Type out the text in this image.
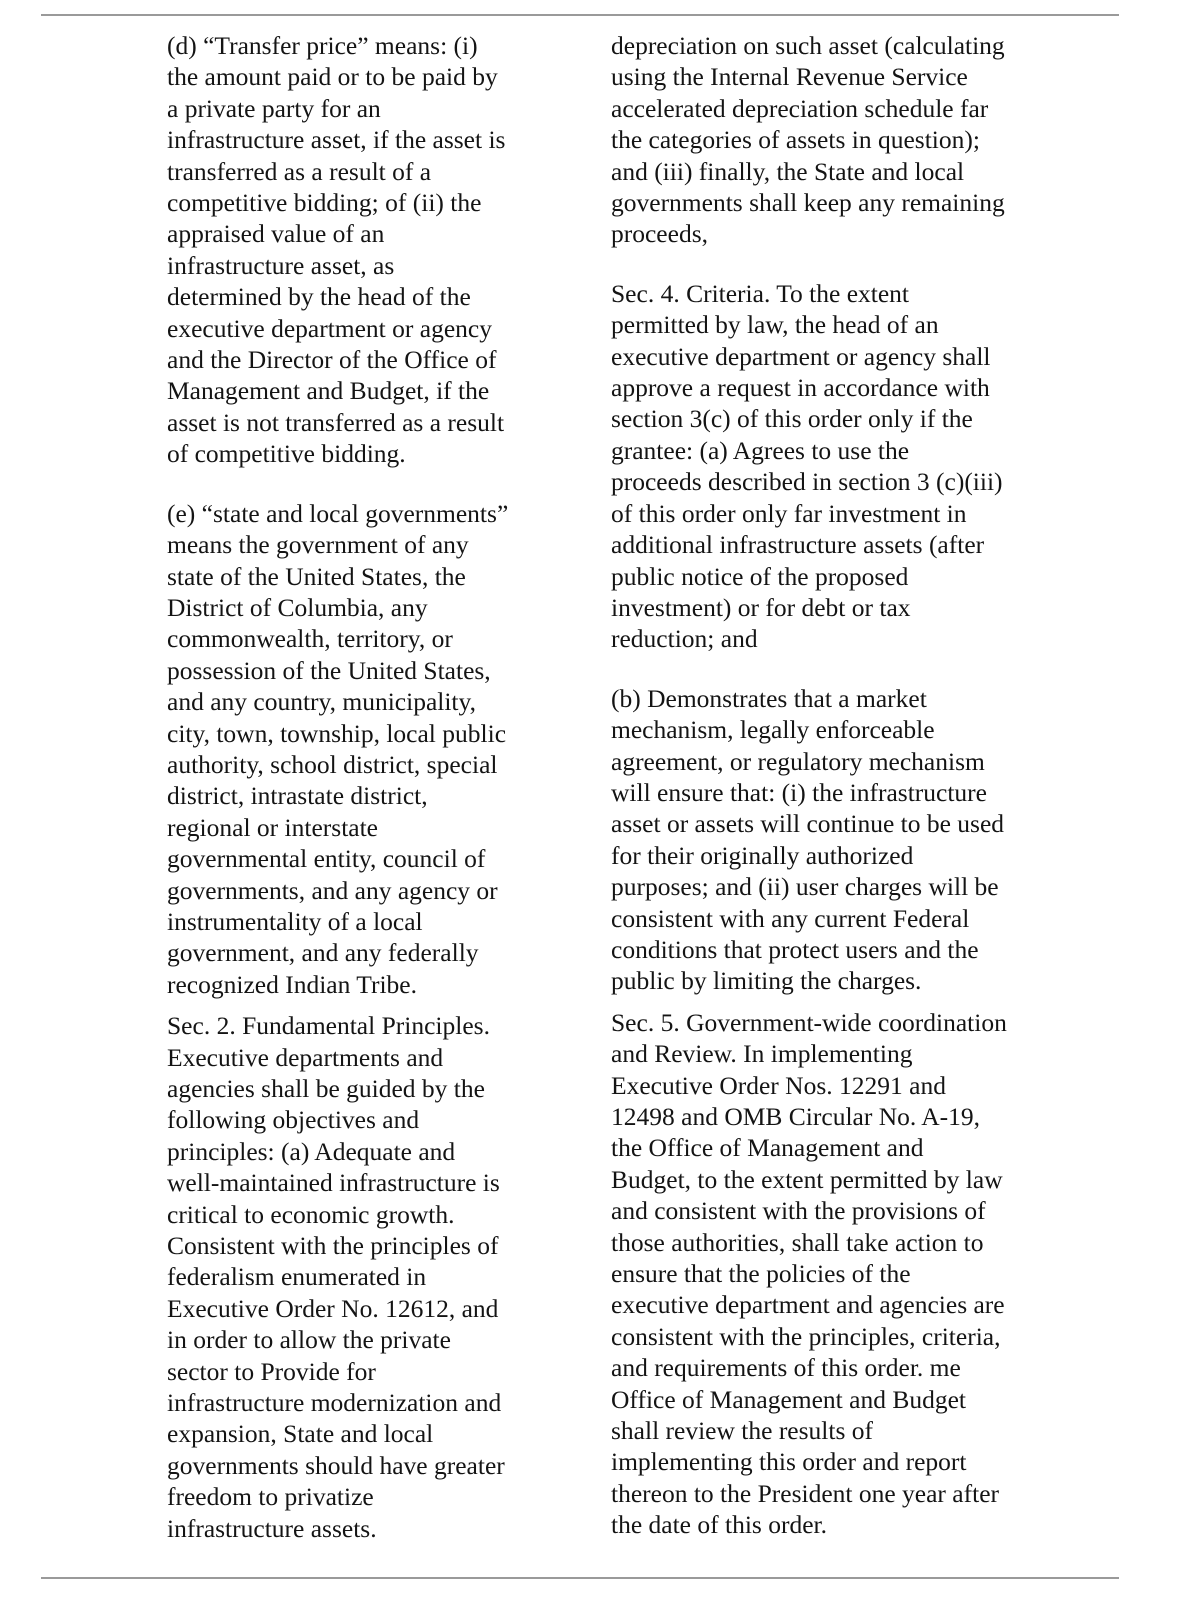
(d) “Transfer price” means: (i)
the amount paid or to be paid by
a private party for an
infrastructure asset, if the asset is
transferred as a result of a
competitive bidding; of (ii) the
appraised value of an
infrastructure asset, as
determined by the head of the
executive department or agency
and the Director of the Office of
Management and Budget, if the
asset is not transferred as a result
of competitive bidding.

(e) “state and local governments”
means the government of any
state of the United States, the
District of Columbia, any
commonwealth, territory, or
possession of the United States,
and any country, municipality,
city, town, township, local public
authority, school district, special
district, intrastate district,
regional or interstate
governmental entity, council of
governments, and any agency or
instrumentality of a local
government, and any federally
recognized Indian Tribe.

Sec. 2. Fundamental Principles.
Executive departments and
agencies shall be guided by the
following objectives and
principles: (a) Adequate and
well-maintained infrastructure is
critical to economic growth.
Consistent with the principles of
federalism enumerated in
Executive Order No. 12612, and
in order to allow the private
sector to Provide for
infrastructure modernization and
expansion, State and local
governments should have greater
freedom to privatize
infrastructure assets.

depreciation on such asset (calculating
using the Internal Revenue Service
accelerated depreciation schedule far
the categories of assets in question);
and (iii) finally, the State and local
governments shall keep any remaining
proceeds,

Sec. 4. Criteria. To the extent
permitted by law, the head of an
executive department or agency shall
approve a request in accordance with
section 3(c) of this order only if the
grantee: (a) Agrees to use the
proceeds described in section 3 (c)(iii)
of this order only far investment in
additional infrastructure assets (after
public notice of the proposed
investment) or for debt or tax
reduction; and

(b) Demonstrates that a market
mechanism, legally enforceable
agreement, or regulatory mechanism
will ensure that: (i) the infrastructure
asset or assets will continue to be used
for their originally authorized
purposes; and (ii) user charges will be
consistent with any current Federal
conditions that protect users and the
public by limiting the charges.

Sec. 5. Government-wide coordination
and Review. In implementing
Executive Order Nos. 12291 and
12498 and OMB Circular No. A-19,
the Office of Management and
Budget, to the extent permitted by law
and consistent with the provisions of
those authorities, shall take action to
ensure that the policies of the
executive department and agencies are
consistent with the principles, criteria,
and requirements of this order. me
Office of Management and Budget
shall review the results of
implementing this order and report
thereon to the President one year after
the date of this order.
